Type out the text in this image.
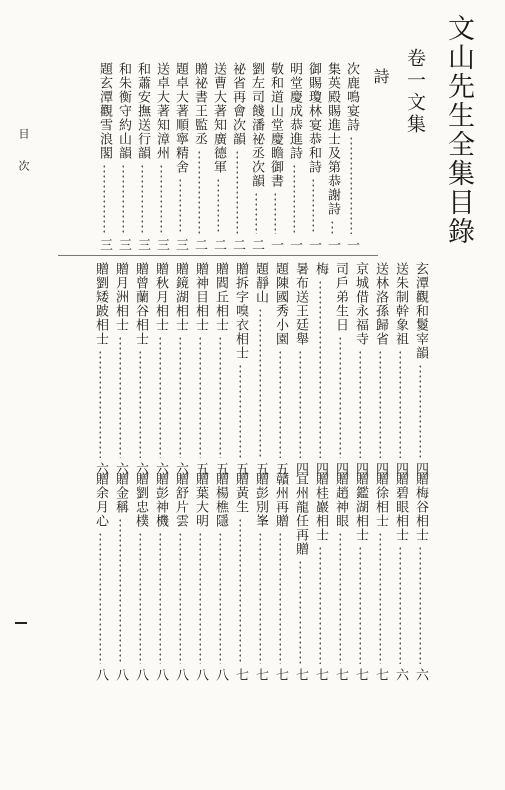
文山先生全集目錄
卷一文集
詩
目
次
次鹿鳴宴詩
一
集英殿賜進士及第恭謝詩
一
御賜瓊林宴恭和詩
一
明堂慶成恭進詩
一
敬和道山堂慶瞻御書
一
劉左司餞潘祕丞次韻
二
祕省再會次韻
二
送曹大著知廣德軍
二
贈祕書王監丞
二
題卓大著順寧精舍
三
送卓大著知漳州
三
和蕭安撫送行韻
三
和朱衡守約山韻
三
題玄潭觀雪浪閣
三
玄潭觀和鬉宰韻
四
送朱制幹象祖
四
送林洛孫歸省
四
京城借永福寺
四
司戶弟生日
四
梅
四
暑布送王廷舉
四
題陳國秀小園
五
題靜山
五
贈拆字嗅衣相士
五
贈閻丘相士
五
贈神目相士
五
贈鏡湖相士
六
贈秋月相士
六
贈曾蘭谷相士
六
贈月洲相士
六
贈劉矮跛相士
六
贈梅谷相士
六
贈碧眼相士
六
贈徐相士
七
贈鑑湖相士
七
贈趙神眼
七
贈桂巖相士
七
宜州龍任再贈
七
贛州再贈
七
贈彭別峯
七
贈黃生
七
贈楊樵隱
八
贈葉大明
八
贈舒片雲
八
贈彭神機
八
贈劉忠樸
八
贈金稱
八
贈余月心
八
